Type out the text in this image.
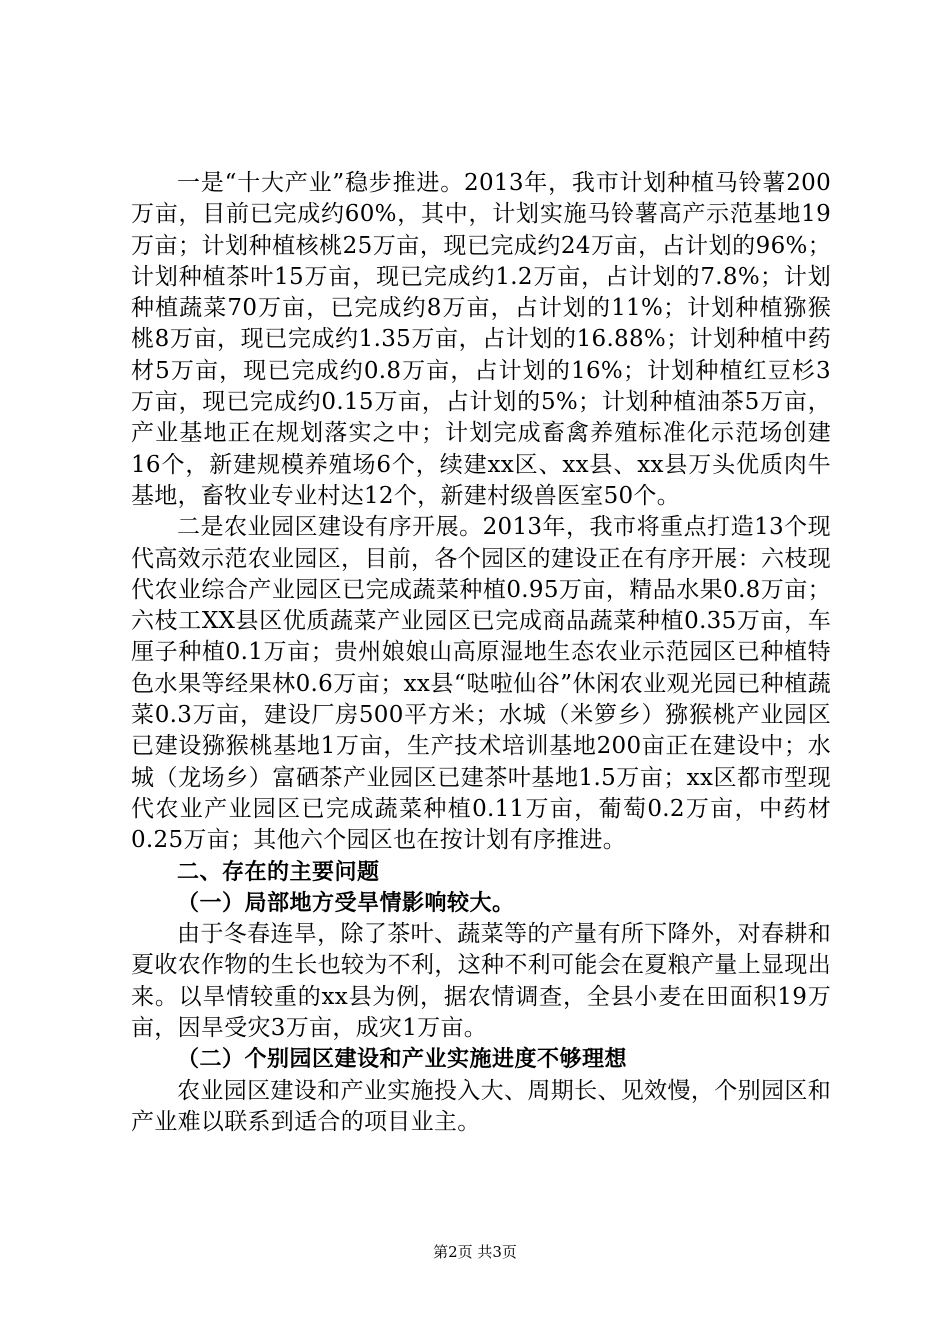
一是“十大产业”稳步推进。2013年，我市计划种植马铃薯200万亩，目前已完成约60%，其中，计划实施马铃薯高产示范基地19万亩；计划种植核桃25万亩，现已完成约24万亩，占计划的96%；计划种植茶叶15万亩，现已完成约1.2万亩，占计划的7.8%；计划种植蔬菜70万亩，已完成约8万亩，占计划的11%；计划种植猕猴桃8万亩，现已完成约1.35万亩，占计划的16.88%；计划种植中药材5万亩，现已完成约0.8万亩，占计划的16%；计划种植红豆杉3万亩，现已完成约0.15万亩，占计划的5%；计划种植油茶5万亩，产业基地正在规划落实之中；计划完成畜禽养殖标准化示范场创建16个，新建规模养殖场6个，续建xx区、xx县、xx县万头优质肉牛基地，畜牧业专业村达12个，新建村级兽医室50个。

二是农业园区建设有序开展。2013年，我市将重点打造13个现代高效示范农业园区，目前，各个园区的建设正在有序开展：六枝现代农业综合产业园区已完成蔬菜种植0.95万亩，精品水果0.8万亩；六枝工XX县区优质蔬菜产业园区已完成商品蔬菜种植0.35万亩，车厘子种植0.1万亩；贵州娘娘山高原湿地生态农业示范园区已种植特色水果等经果林0.6万亩；xx县“哒啦仙谷”休闲农业观光园已种植蔬菜0.3万亩，建设厂房500平方米；水城（米箩乡）猕猴桃产业园区已建设猕猴桃基地1万亩，生产技术培训基地200亩正在建设中；水城（龙场乡）富硒茶产业园区已建茶叶基地1.5万亩；xx区都市型现代农业产业园区已完成蔬菜种植0.11万亩，葡萄0.2万亩，中药材0.25万亩；其他六个园区也在按计划有序推进。

二、存在的主要问题

（一）局部地方受旱情影响较大。

由于冬春连旱，除了茶叶、蔬菜等的产量有所下降外，对春耕和夏收农作物的生长也较为不利，这种不利可能会在夏粮产量上显现出来。以旱情较重的xx县为例，据农情调查，全县小麦在田面积19万亩，因旱受灾3万亩，成灾1万亩。

（二）个别园区建设和产业实施进度不够理想

农业园区建设和产业实施投入大、周期长、见效慢，个别园区和产业难以联系到适合的项目业主。

第2页 共3页
